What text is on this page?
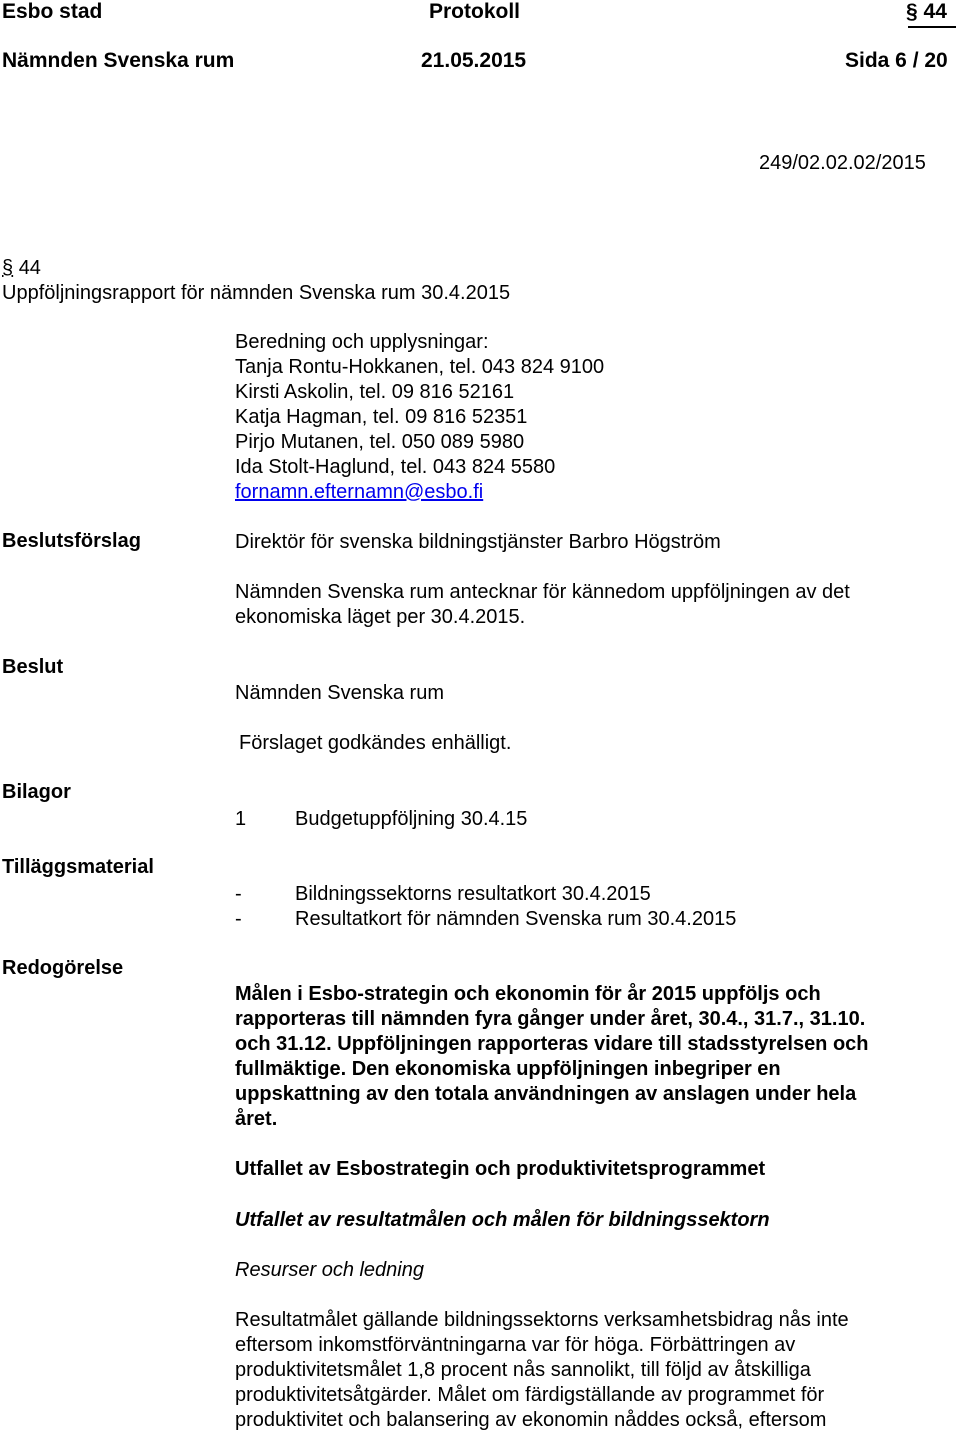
Esbo stad	Protokoll	§ 44
Nämnden Svenska rum	21.05.2015	Sida 6 / 20
249/02.02.02/2015
§ 44
Uppföljningsrapport för nämnden Svenska rum 30.4.2015
Beredning och upplysningar:
Tanja Rontu-Hokkanen, tel. 043 824 9100
Kirsti Askolin, tel. 09 816 52161
Katja Hagman, tel. 09 816 52351
Pirjo Mutanen, tel. 050 089 5980
Ida Stolt-Haglund, tel. 043 824 5580
fornamn.efternamn@esbo.fi
Beslutsförslag	Direktör för svenska bildningstjänster Barbro Högström
Nämnden Svenska rum antecknar för kännedom uppföljningen av det
ekonomiska läget per 30.4.2015.
Beslut
Nämnden Svenska rum
Förslaget godkändes enhälligt.
Bilagor
1 Budgetuppföljning 30.4.15
Tilläggsmaterial
-	Bildningssektorns resultatkort 30.4.2015
-	Resultatkort för nämnden Svenska rum 30.4.2015
Redogörelse
Målen i Esbo-strategin och ekonomin för år 2015 uppföljs och
rapporteras till nämnden fyra gånger under året, 30.4., 31.7., 31.10.
och 31.12. Uppföljningen rapporteras vidare till stadsstyrelsen och
fullmäktige. Den ekonomiska uppföljningen inbegriper en
uppskattning av den totala användningen av anslagen under hela
året.
Utfallet av Esbostrategin och produktivitetsprogrammet
Utfallet av resultatmålen och målen för bildningssektorn
Resurser och ledning
Resultatmålet gällande bildningssektorns verksamhetsbidrag nås inte
eftersom inkomstförväntningarna var för höga. Förbättringen av
produktivitetsmålet 1,8 procent nås sannolikt, till följd av åtskilliga
produktivitetsåtgärder. Målet om färdigställande av programmet för
produktivitet och balansering av ekonomin nåddes också, eftersom
